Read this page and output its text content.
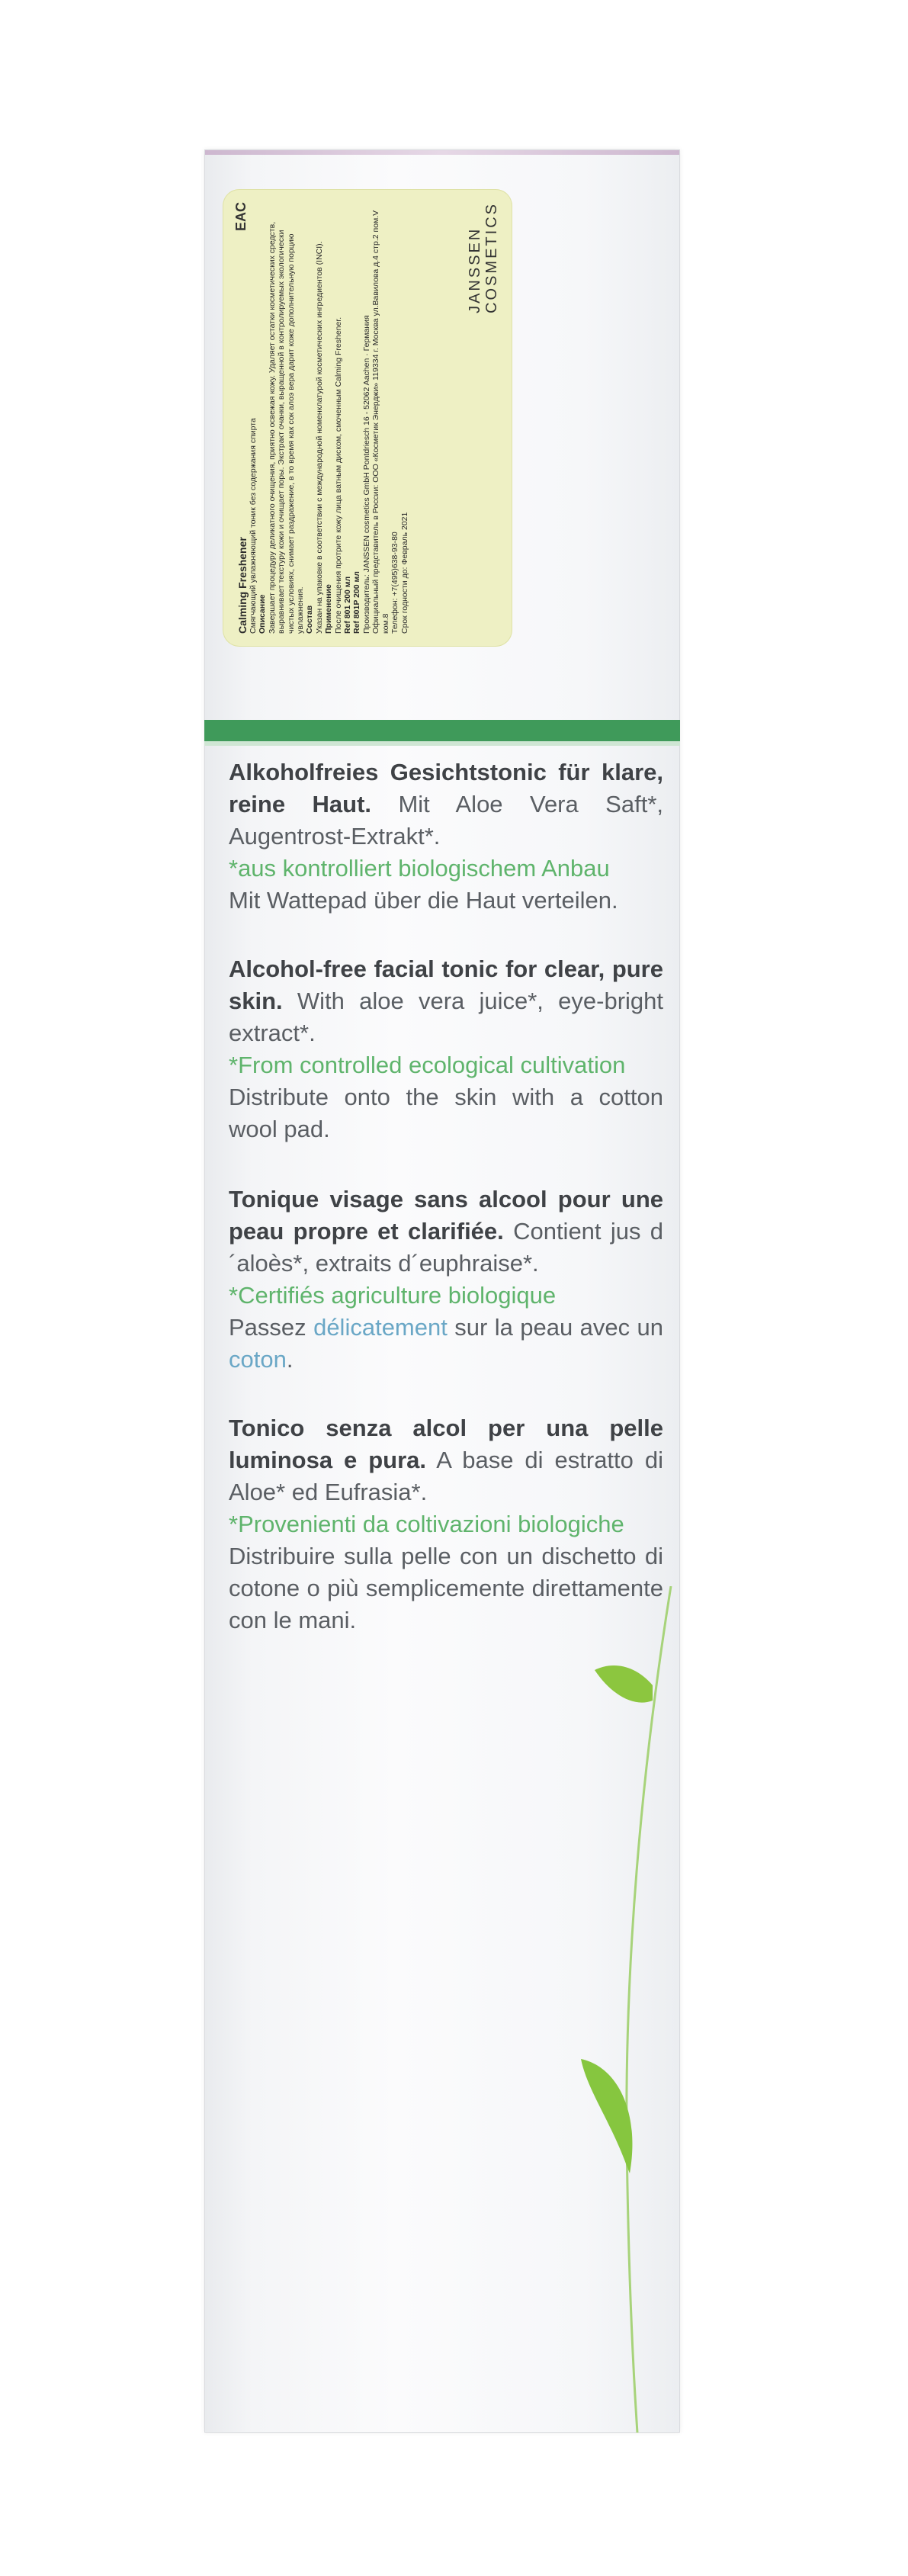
Calming Freshener Смягчающий увлажняющий тоник без содержания спирта Описание Завершает процедуру деликатного очищения, приятно освежая кожу. Удаляет остатки косметических средств, выравнивает текстуру кожи и очищает поры. Экстракт очанки, выращенной в контролируемых экологически чистых условиях, снимает раздражение, в то время как сок алоэ вера дарит коже дополнительную порцию увлажнения. Состав Указан на упаковке в соответствии с международной номенклатурой косметических ингредиентов (INCI). Применение После очищения протрите кожу лица ватным диском, смоченным Calming Freshener. Ref 801 200 мл Ref 801P 200 мл Производитель: JANSSEN cosmetics GmbH Pontdriesch 16 - 52062 Aachen · Германия Официальный представитель в России: ООО «Косметик Энерджи» 119334 г. Москва ул.Вавилова д.4 стр.2 пом.V ком.8 Телефон: +7(495)638-93-80 Срок годности до: Февраль 2021
EAC
JANSSEN COSMETICS

Alkoholfreies Gesichtstonic für klare, reine Haut. Mit Aloe Vera Saft*, Augentrost-Extrakt*.

*aus kontrolliert biologischem Anbau

Mit Wattepad über die Haut verteilen.

Alcohol-free facial tonic for clear, pure skin. With aloe vera juice*, eye-bright extract*.

*From controlled ecological cultivation

Distribute onto the skin with a cotton wool pad.

Tonique visage sans alcool pour une peau propre et clarifiée. Contient jus d´aloès*, extraits d´euphraise*.

*Certifiés agriculture biologique

Passez délicatement sur la peau avec un coton.

Tonico senza alcol per una pelle luminosa e pura. A base di estratto di Aloe* ed Eufrasia*.

*Provenienti da coltivazioni biologiche

Distribuire sulla pelle con un dischetto di cotone o più semplicemente direttamente con le mani.
